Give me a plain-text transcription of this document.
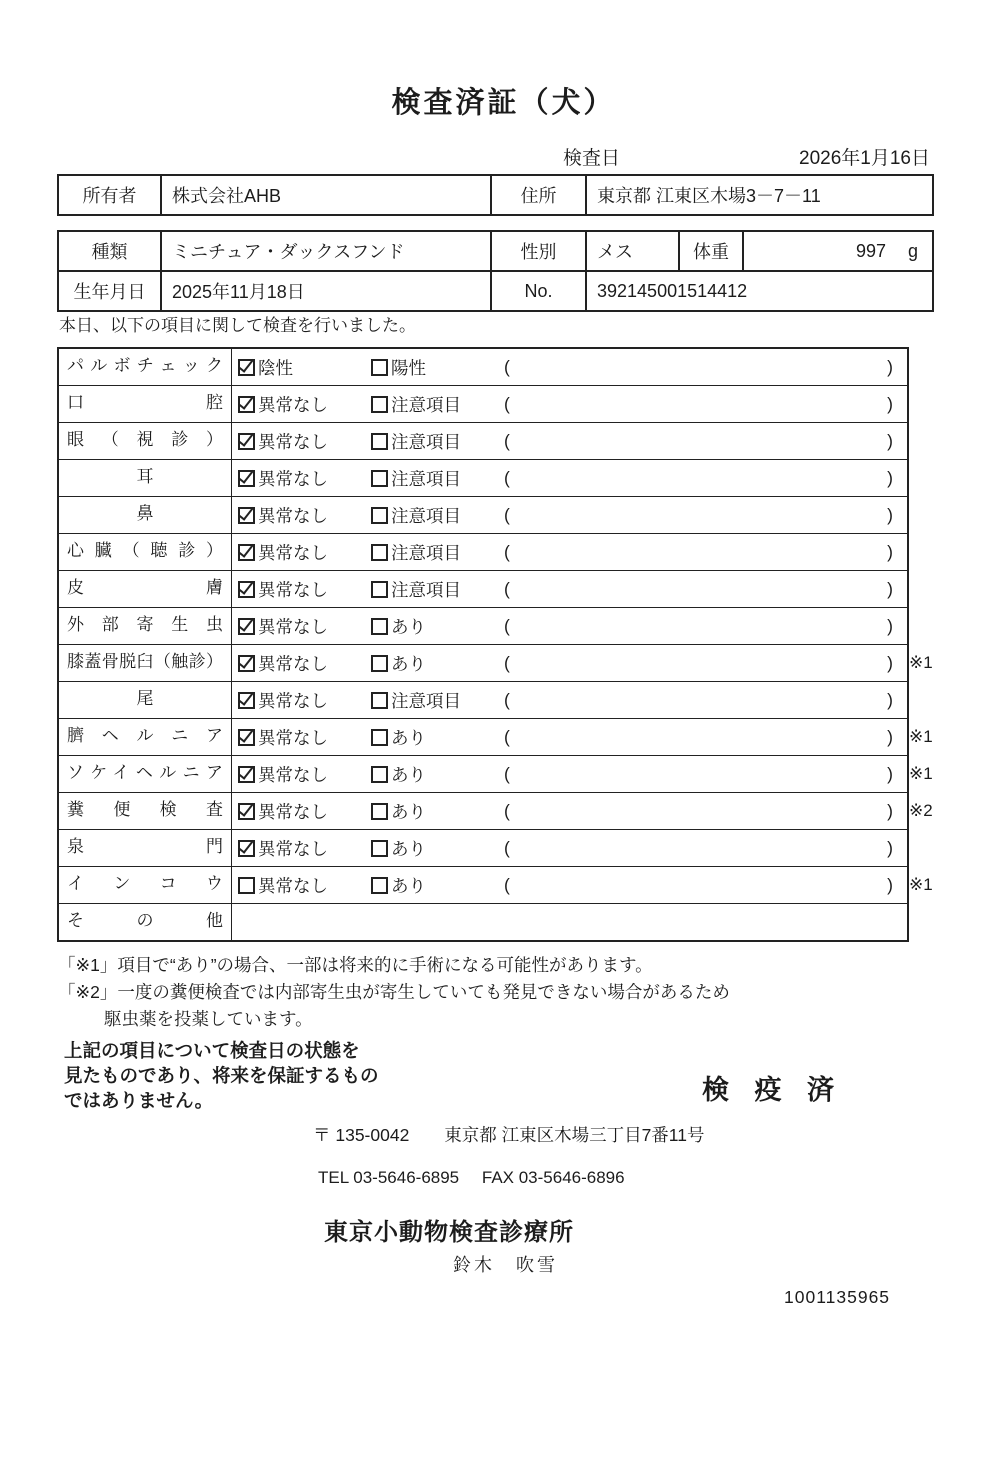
検査済証（犬）
検査日	2026年1月16日
所有者	株式会社AHB	住所	東京都 江東区木場3－7－11
種類	ミニチュア・ダックスフンド	性別	メス	体重	997 g
生年月日	2025年11月18日	No.	392145001514412

本日、以下の項目に関して検査を行いました。

パルボチェック	陰性	陽性	(	)
口腔	異常なし	注意項目 (	)
眼（視診）	異常なし	注意項目 (	)
耳	異常なし	注意項目 (	)
鼻	異常なし	注意項目 (	)
心臓（聴診）	異常なし	注意項目 (	)
皮膚	異常なし	注意項目 (	)
外部寄生虫	異常なし	あり	(	)
膝蓋骨脱臼（触診）	異常なし	あり	(	) ※1
尾	異常なし	注意項目 (	)
臍ヘルニア	異常なし	あり	(	) ※1
ソケイヘルニア	異常なし	あり	(	) ※1
糞便検査	異常なし	あり	(	) ※2
泉門	異常なし	あり	(	)
インコウ	異常なし	あり	(	) ※1
その他

「※1」項目で“あり”の場合、一部は将来的に手術になる可能性があります。

「※2」一度の糞便検査では内部寄生虫が寄生していても発見できない場合があるため

駆虫薬を投薬しています。

上記の項目について検査日の状態を

見たものであり、将来を保証するもの

ではありません。	検 疫 済
〒 135-0042 東京都 江東区木場三丁目7番11号
TEL 03-5646-6895 FAX 03-5646-6896
東京小動物検査診療所
鈴木　吹雪
1001135965
